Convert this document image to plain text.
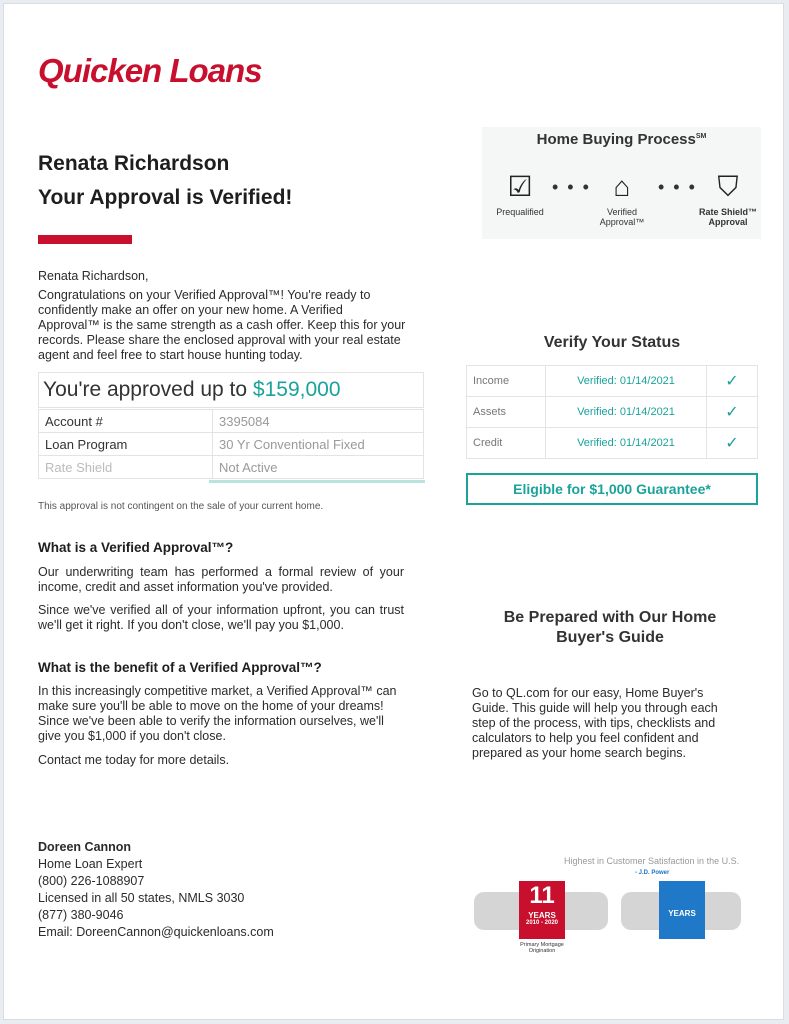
Quicken Loans
Renata Richardson
Your Approval is Verified!

Renata Richardson,

Congratulations on your Verified Approval™! You're ready to confidently make an offer on your new home. A Verified Approval™ is the same strength as a cash offer. Keep this for your records. Please share the enclosed approval with your real estate agent and feel free to start house hunting today.

You're approved up to $159,000
Account #	3395084
Loan Program	30 Yr Conventional Fixed
Rate Shield	Not Active
This approval is not contingent on the sale of your current home.
What is a Verified Approval™?

Our underwriting team has performed a formal review of your income, credit and asset information you've provided.

Since we've verified all of your information upfront, you can trust we'll get it right. If you don't close, we'll pay you $1,000.

What is the benefit of a Verified Approval™?

In this increasingly competitive market, a Verified Approval™ can make sure you'll be able to move on the home of your dreams! Since we've been able to verify the information ourselves, we'll give you $1,000 if you don't close.

Contact me today for more details.

Doreen Cannon
Home Loan Expert
(800) 226-1088907
Licensed in all 50 states, NMLS 3030
(877) 380-9046
Email: DoreenCannon@quickenloans.com
Home Buying Process℠
☑
Prequalified
• • • ⌂
Verified Approval™
• • • ⛉
Rate Shield™ Approval
Verify Your Status
Income	Verified: 01/14/2021	✓
Assets	Verified: 01/14/2021	✓
Credit	Verified: 01/14/2021	✓
Eligible for $1,000 Guarantee*
Be Prepared with Our Home Buyer's Guide
Go to QL.com for our easy, Home Buyer's Guide. This guide will help you through each step of the process, with tips, checklists and calculators to help you feel confident and prepared as your home search begins.
Highest in Customer Satisfaction in the U.S.
- J.D. Power
11
YEARS
2010 - 2020
Primary Mortgage Origination
YEARS
